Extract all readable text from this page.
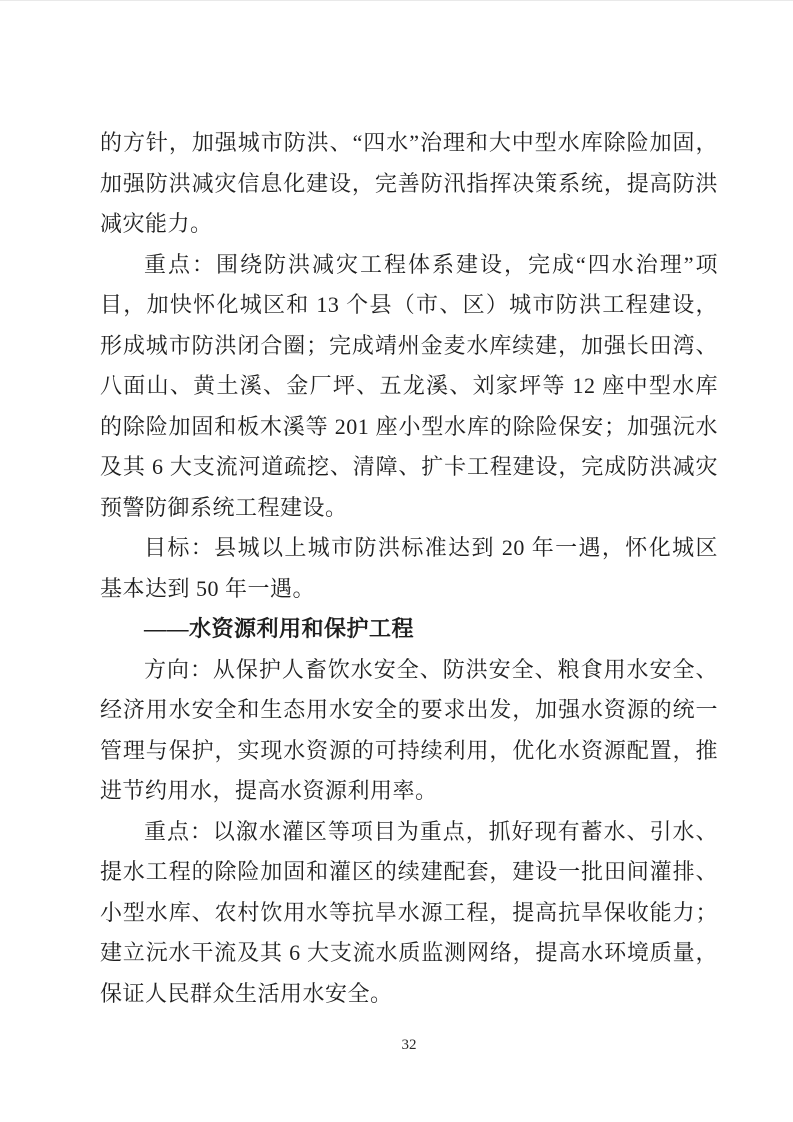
的方针，加强城市防洪、“四水”治理和大中型水库除险加固，加强防洪减灾信息化建设，完善防汛指挥决策系统，提高防洪减灾能力。

重点：围绕防洪减灾工程体系建设，完成“四水治理”项目，加快怀化城区和 13 个县（市、区）城市防洪工程建设，形成城市防洪闭合圈；完成靖州金麦水库续建，加强长田湾、八面山、黄土溪、金厂坪、五龙溪、刘家坪等 12 座中型水库的除险加固和板木溪等 201 座小型水库的除险保安；加强沅水及其 6 大支流河道疏挖、清障、扩卡工程建设，完成防洪减灾预警防御系统工程建设。

目标：县城以上城市防洪标准达到 20 年一遇，怀化城区基本达到 50 年一遇。

——水资源利用和保护工程

方向：从保护人畜饮水安全、防洪安全、粮食用水安全、经济用水安全和生态用水安全的要求出发，加强水资源的统一管理与保护，实现水资源的可持续利用，优化水资源配置，推进节约用水，提高水资源利用率。

重点：以溆水灌区等项目为重点，抓好现有蓄水、引水、提水工程的除险加固和灌区的续建配套，建设一批田间灌排、小型水库、农村饮用水等抗旱水源工程，提高抗旱保收能力；建立沅水干流及其 6 大支流水质监测网络，提高水环境质量，保证人民群众生活用水安全。

32
